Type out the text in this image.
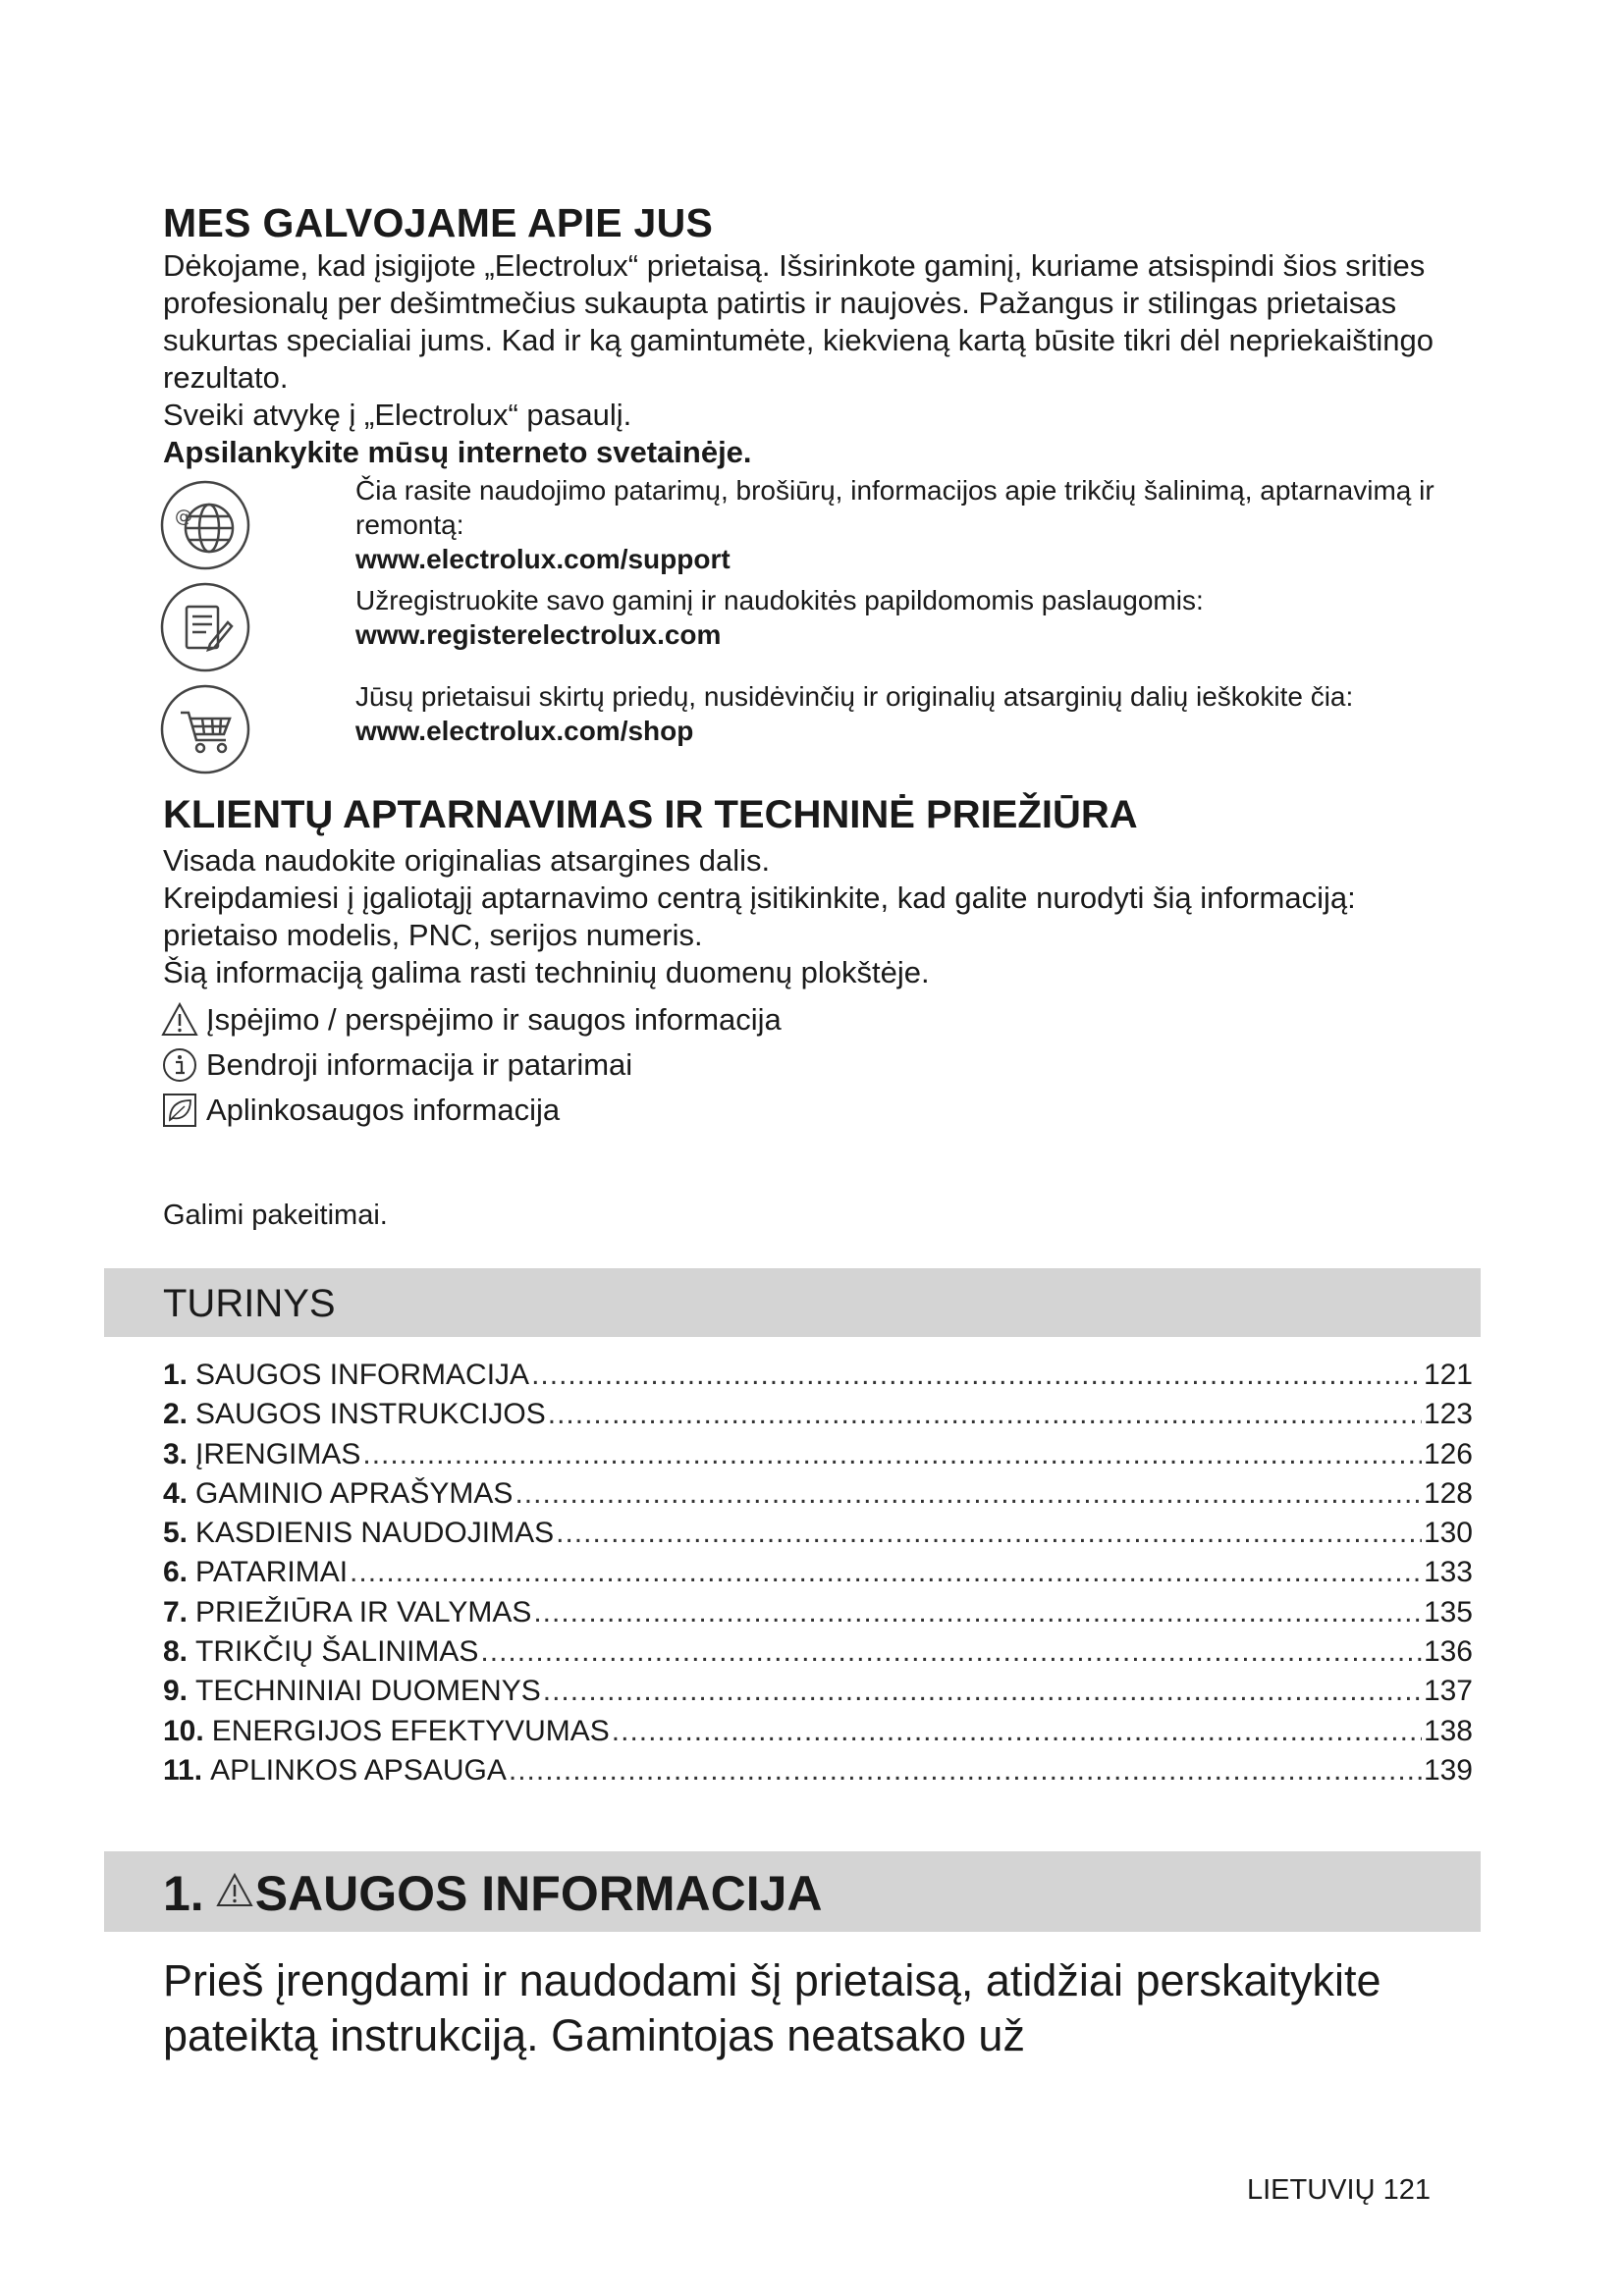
MES GALVOJAME APIE JUS

Dėkojame, kad įsigijote „Electrolux“ prietaisą. Išsirinkote gaminį, kuriame atsispindi šios srities profesionalų per dešimtmečius sukaupta patirtis ir naujovės. Pažangus ir stilingas prietaisas sukurtas specialiai jums. Kad ir ką gamintumėte, kiekvieną kartą būsite tikri dėl nepriekaištingo rezultato.

Sveiki atvykę į „Electrolux“ pasaulį.

Apsilankykite mūsų interneto svetainėje.

@
Čia rasite naudojimo patarimų, brošiūrų, informacijos apie trikčių šalinimą, aptarnavimą ir remontą:
www.electrolux.com/support
Užregistruokite savo gaminį ir naudokitės papildomomis paslaugomis:
www.registerelectrolux.com
Jūsų prietaisui skirtų priedų, nusidėvinčių ir originalių atsarginių dalių ieškokite čia:
www.electrolux.com/shop
KLIENTŲ APTARNAVIMAS IR TECHNINĖ PRIEŽIŪRA

Visada naudokite originalias atsargines dalis.

Kreipdamiesi į įgaliotąjį aptarnavimo centrą įsitikinkite, kad galite nurodyti šią informaciją: prietaiso modelis, PNC, serijos numeris.

Šią informaciją galima rasti techninių duomenų plokštėje.

Įspėjimo / perspėjimo ir saugos informacija
Bendroji informacija ir patarimai
Aplinkosaugos informacija
Galimi pakeitimai.
TURINYS
1. SAUGOS INFORMACIJA .....	121
2. SAUGOS INSTRUKCIJOS .....	123
3. ĮRENGIMAS .....	126
4. GAMINIO APRAŠYMAS .....	128
5. KASDIENIS NAUDOJIMAS .....	130
6. PATARIMAI .....	133
7. PRIEŽIŪRA IR VALYMAS .....	135
8. TRIKČIŲ ŠALINIMAS .....	136
9. TECHNINIAI DUOMENYS .....	137
10. ENERGIJOS EFEKTYVUMAS .....	138
11. APLINKOS APSAUGA .....	139
1. SAUGOS INFORMACIJA
Prieš įrengdami ir naudodami šį prietaisą, atidžiai perskaitykite pateiktą instrukciją. Gamintojas neatsako už
LIETUVIŲ 121
